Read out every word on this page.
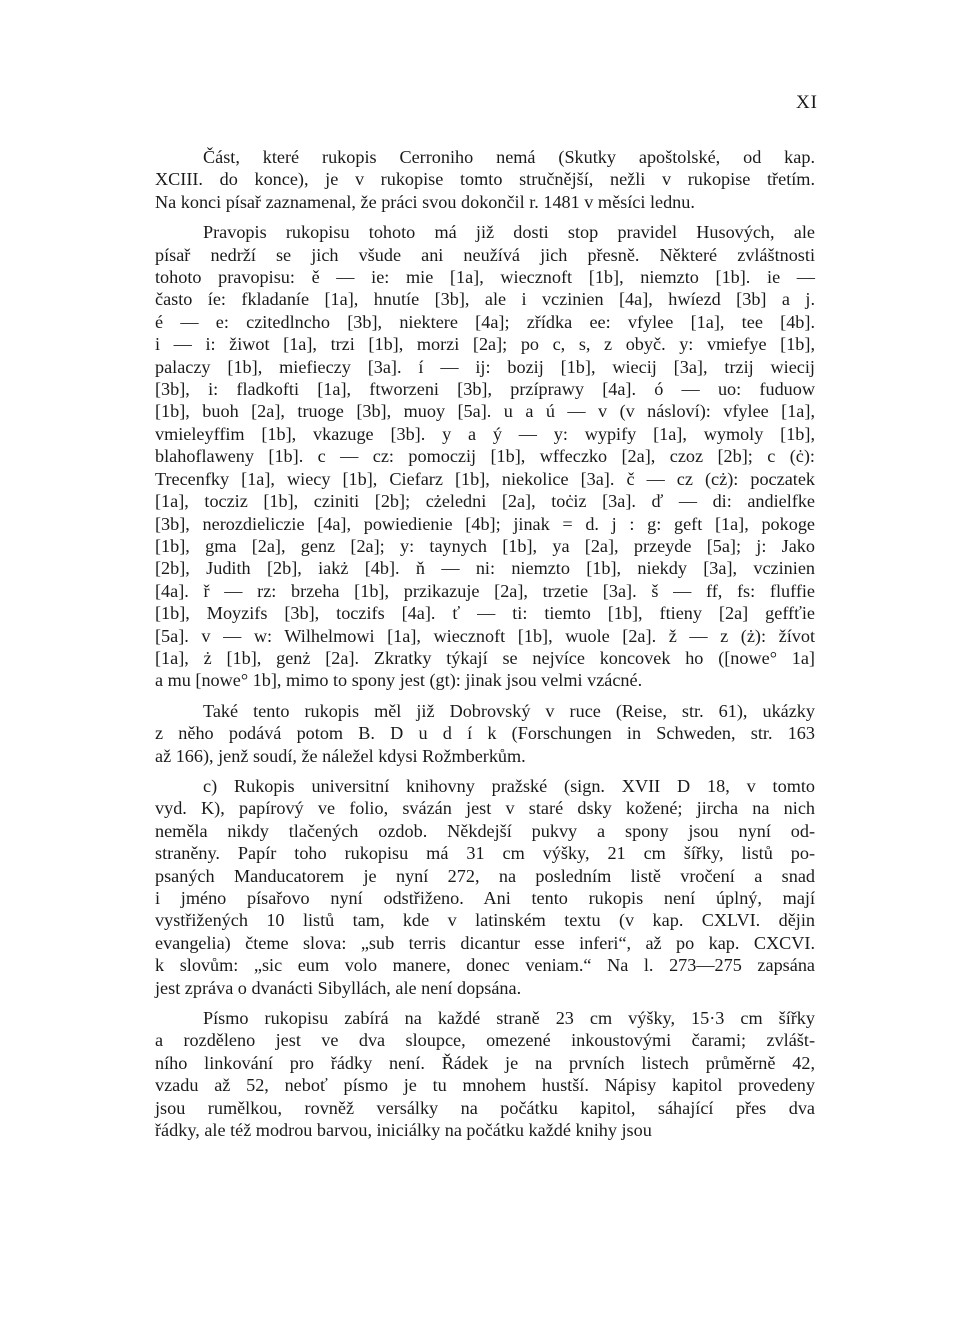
XI
Část, které rukopis Cerroniho nemá (Skutky apoštolské, od kap.
XCIII. do konce), je v rukopise tomto stručnější, nežli v rukopise třetím.
Na konci písař zaznamenal, že práci svou dokončil r. 1481 v měsíci lednu.
Pravopis rukopisu tohoto má již dosti stop pravidel Husových, ale
písař nedrží se jich všude ani neužívá jich přesně. Některé zvláštnosti
tohoto pravopisu: ě — ie: mie [1a], wiecznoft [1b], niemzto [1b]. ie —
často íe: fkladaníe [1a], hnutíe [3b], ale i vczinien [4a], hwíezd [3b] a j.
é — e: czitedlncho [3b], niektere [4a]; zřídka ee: vfylee [1a], tee [4b].
i — i: žiwot [1a], trzi [1b], morzi [2a]; po c, s, z obyč. y: vmiefye [1b],
palaczy [1b], miefieczy [3a]. í — ij: bozij [1b], wiecij [3a], trzij wiecij
[3b], i: fladkofti [1a], ftworzeni [3b], przíprawy [4a]. ó — uo: fuduow
[1b], buoh [2a], truoge [3b], muoy [5a]. u a ú — v (v násloví): vfylee [1a],
vmieleyffim [1b], vkazuge [3b]. y a ý — y: wypify [1a], wymoly [1b],
blahoflaweny [1b]. c — cz: pomoczij [1b], wffeczko [2a], czoz [2b]; c (ċ):
Trecenfky [1a], wiecy [1b], Ciefarz [1b], niekolice [3a]. č — cz (cż): poczatek
[1a], tocziz [1b], cziniti [2b]; cżeledni [2a], toċiz [3a]. ď — di: andielfke
[3b], nerozdieliczie [4a], powiedienie [4b]; jinak = d. j : g: geft [1a], pokoge
[1b], gma [2a], genz [2a]; y: taynych [1b], ya [2a], przeyde [5a]; j: Jako
[2b], Judith [2b], iakż [4b]. ň — ni: niemzto [1b], niekdy [3a], vczinien
[4a]. ř — rz: brzeha [1b], przikazuje [2a], trzetie [3a]. š — ff, fs: fluffie
[1b], Moyzifs [3b], toczifs [4a]. ť — ti: tiemto [1b], ftieny [2a] geffťie
[5a]. v — w: Wilhelmowi [1a], wiecznoft [1b], wuole [2a]. ž — z (ż): žívot
[1a], ż [1b], genż [2a]. Zkratky týkají se nejvíce koncovek ho ([nowe° 1a]
a mu [nowe° 1b], mimo to spony jest (gt): jinak jsou velmi vzácné.
Také tento rukopis měl již Dobrovský v ruce (Reise, str. 61), ukázky
z něho podává potom B. D u d í k (Forschungen in Schweden, str. 163
až 166), jenž soudí, že náležel kdysi Rožmberkům.
c) Rukopis universitní knihovny pražské (sign. XVII D 18, v tomto
vyd. K), papírový ve folio, svázán jest v staré dsky kožené; jircha na nich
neměla nikdy tlačených ozdob. Někdejší pukvy a spony jsou nyní od-
straněny. Papír toho rukopisu má 31 cm výšky, 21 cm šířky, listů po-
psaných Manducatorem je nyní 272, na posledním listě vročení a snad
i jméno písařovo nyní odstřiženo. Ani tento rukopis není úplný, mají
vystřižených 10 listů tam, kde v latinském textu (v kap. CXLVI. dějin
evangelia) čteme slova: „sub terris dicantur esse inferi“, až po kap. CXCVI.
k slovům: „sic eum volo manere, donec veniam.“ Na l. 273—275 zapsána
jest zpráva o dvanácti Sibyllách, ale není dopsána.
Písmo rukopisu zabírá na každé straně 23 cm výšky, 15·3 cm šířky
a rozděleno jest ve dva sloupce, omezené inkoustovými čarami; zvlášt-
ního linkování pro řádky není. Řádek je na prvních listech průměrně 42,
vzadu až 52, neboť písmo je tu mnohem hustší. Nápisy kapitol provedeny
jsou rumělkou, rovněž versálky na počátku kapitol, sáhající přes dva
řádky, ale též modrou barvou, iniciálky na počátku každé knihy jsou
